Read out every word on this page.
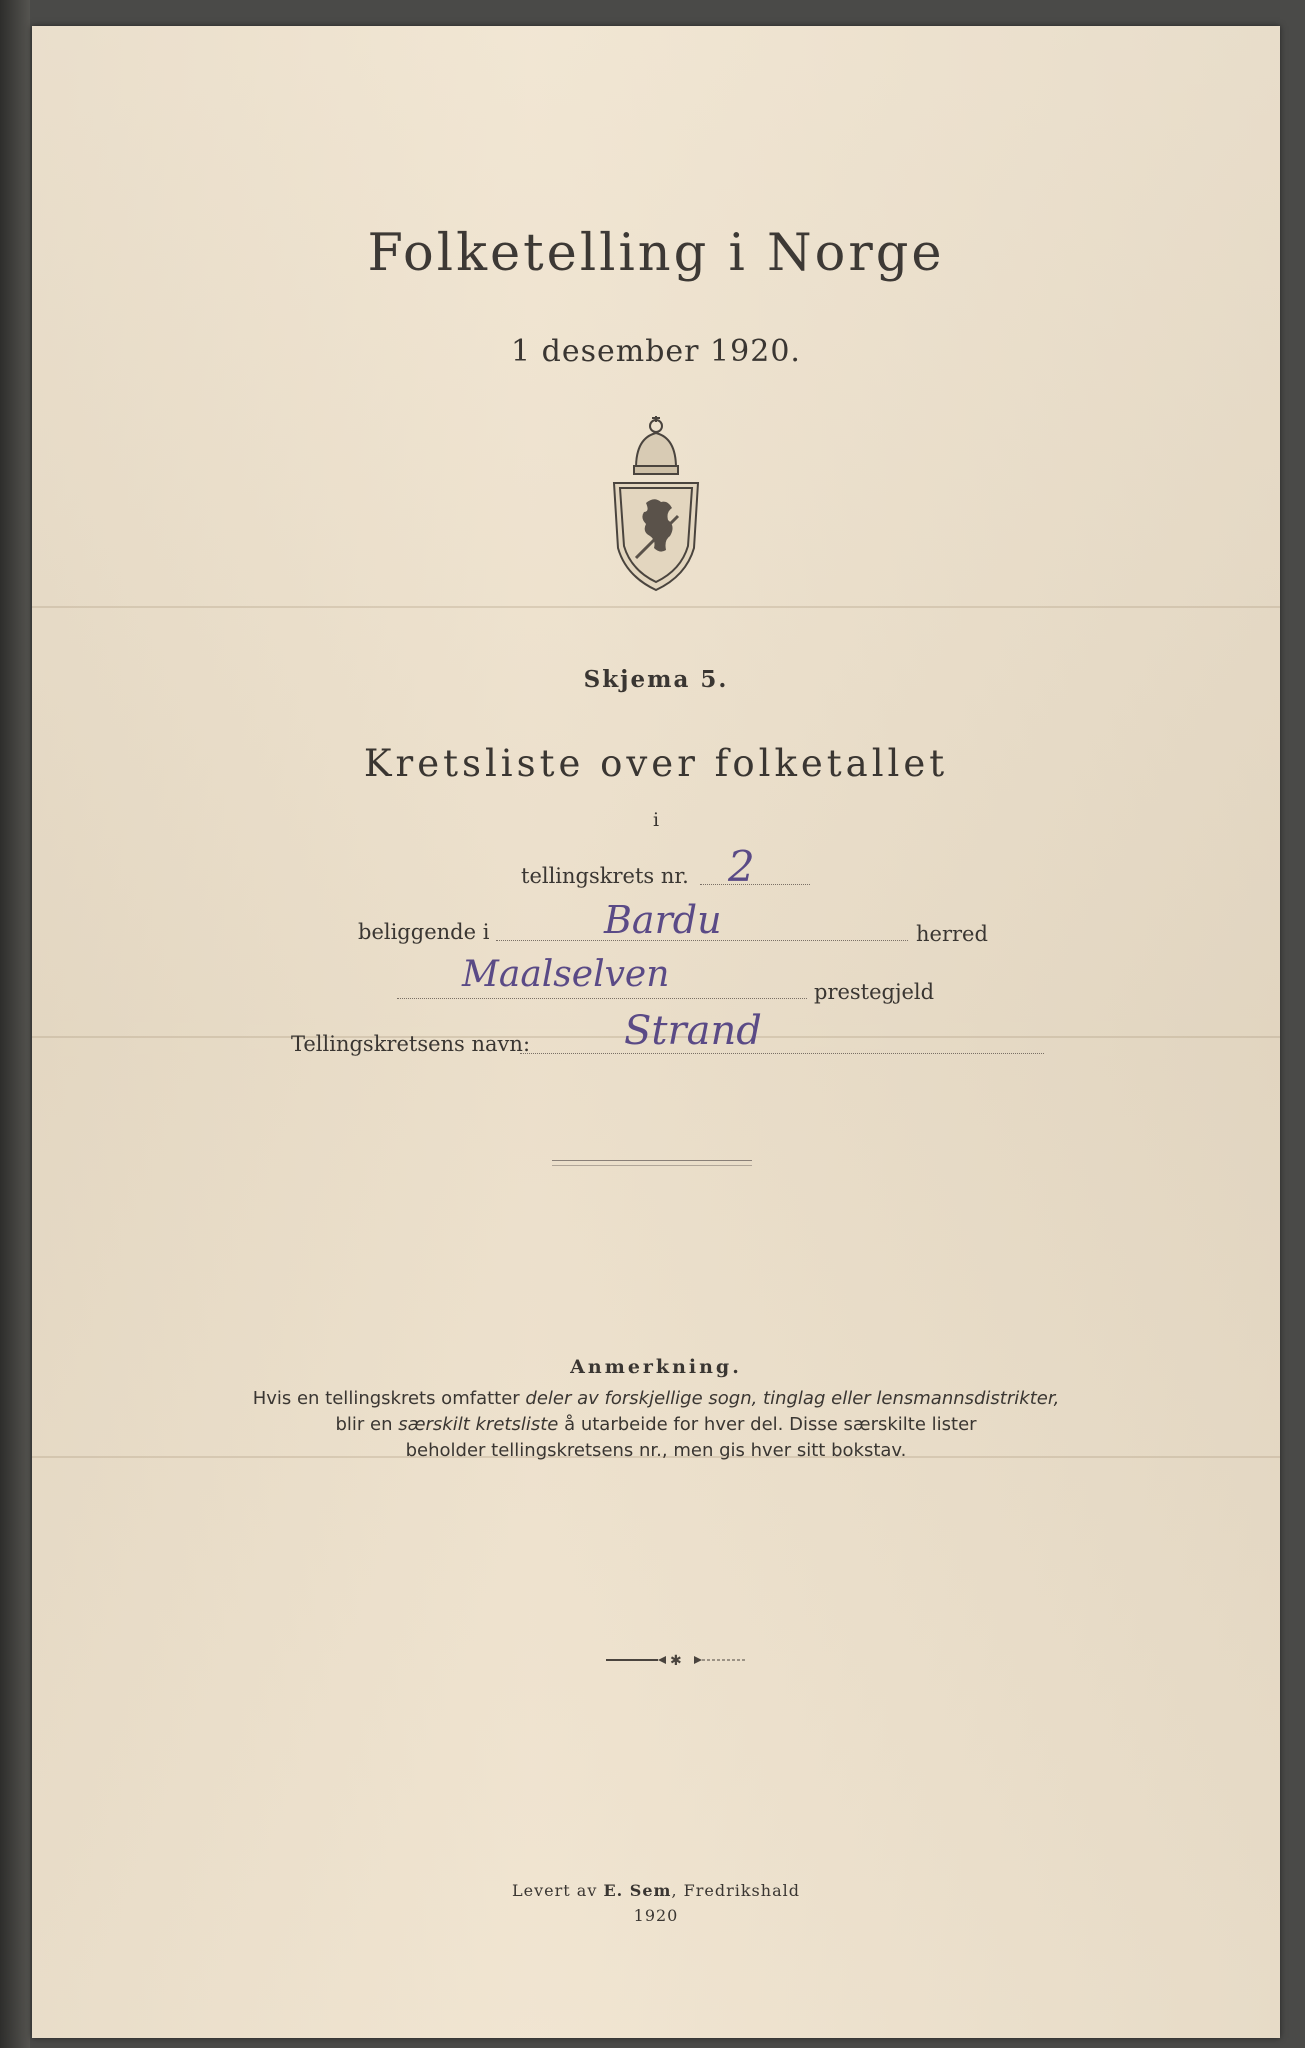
Folketelling i Norge
1 desember 1920.
Skjema 5.
Kretsliste over folketallet
i
tellingskrets nr. 2
beliggende i	Bardu	herred
Maalselven	prestegjeld
Tellingskretsens navn: Strand
Anmerkning.
Hvis en tellingskrets omfatter deler av forskjellige sogn, tinglag eller lensmannsdistrikter,
blir en særskilt kretsliste å utarbeide for hver del. Disse særskilte lister
beholder tellingskretsens nr., men gis hver sitt bokstav.
✱
Levert av E. Sem, Fredrikshald
1920
